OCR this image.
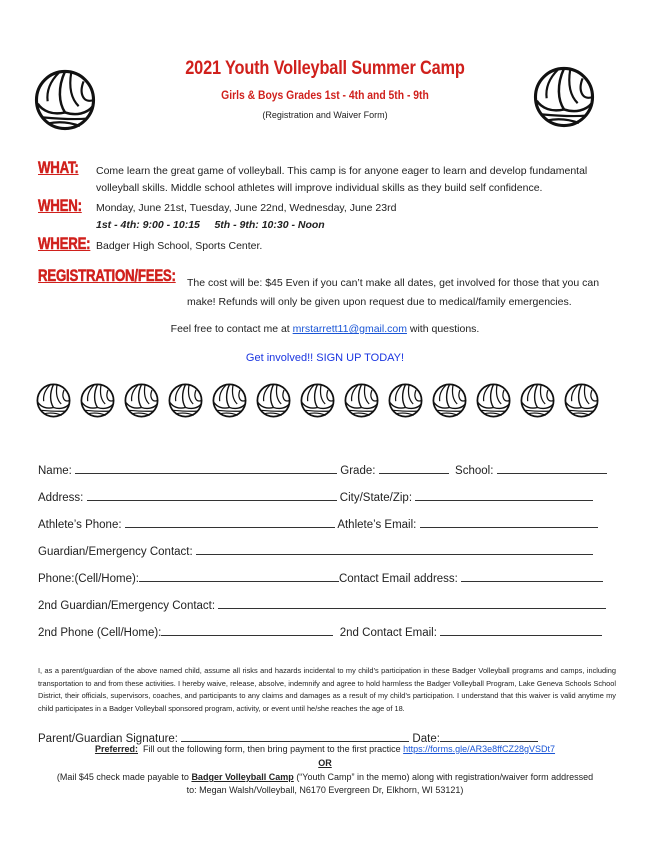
2021 Youth Volleyball Summer Camp
Girls & Boys Grades 1st - 4th and 5th - 9th
(Registration and Waiver Form)
WHAT: Come learn the great game of volleyball. This camp is for anyone eager to learn and develop fundamental
volleyball skills. Middle school athletes will improve individual skills as they build self confidence.
WHEN: Monday, June 21st, Tuesday, June 22nd, Wednesday, June 23rd
1st - 4th: 9:00 - 10:15     5th - 9th: 10:30 - Noon
WHERE: Badger High School, Sports Center.
REGISTRATION/FEES: The cost will be: $45 Even if you can’t make all dates, get involved for those that you can
make! Refunds will only be given upon request due to medical/family emergencies.
Feel free to contact me at mrstarrett11@gmail.com with questions.
Get involved!! SIGN UP TODAY!
Name:	Grade:	School:
Address:	City/State/Zip:
Athlete’s Phone:	Athlete’s Email:
Guardian/Emergency Contact:
Phone:(Cell/Home):	Contact Email address:
2nd Guardian/Emergency Contact:
2nd Phone (Cell/Home):	2nd Contact Email:
I, as a parent/guardian of the above named child, assume all risks and hazards incidental to my child’s participation in these Badger Volleyball programs and camps, including transportation to and from these activities. I hereby waive, release, absolve, indemnify and agree to hold harmless the Badger Volleyball Program, Lake Geneva Schools School District, their officials, supervisors, coaches, and participants to any claims and damages as a result of my child’s participation. I understand that this waiver is valid anytime my child participates in a Badger Volleyball sponsored program, activity, or event until he/she reaches the age of 18.
Parent/Guardian Signature:	Date:
Preferred:  Fill out the following form, then bring payment to the first practice https://forms.gle/AR3e8ffCZ28gVSDt7
OR
(Mail $45 check made payable to Badger Volleyball Camp (“Youth Camp” in the memo) along with registration/waiver form addressed
to: Megan Walsh/Volleyball, N6170 Evergreen Dr, Elkhorn, WI 53121)
